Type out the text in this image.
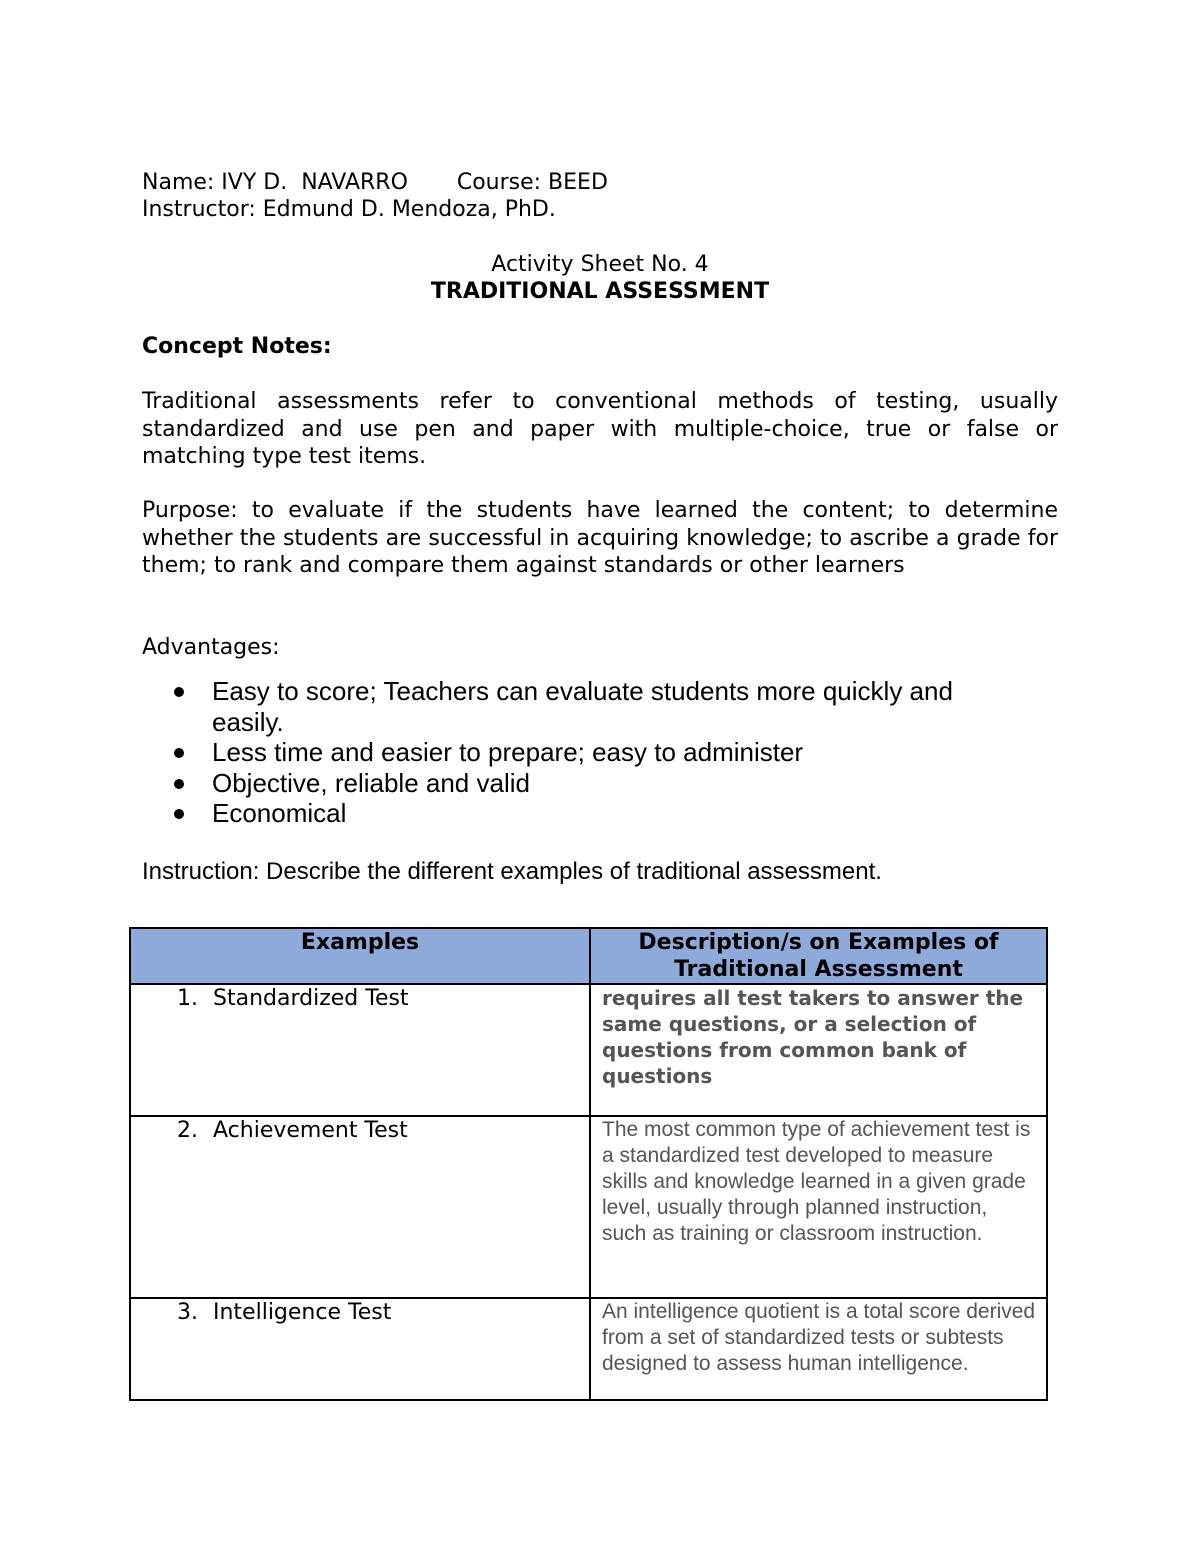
Name: IVY D.  NAVARRO       Course: BEED
Instructor: Edmund D. Mendoza, PhD.
Activity Sheet No. 4
TRADITIONAL ASSESSMENT
Concept Notes:
Traditional assessments refer to conventional methods of testing, usually standardized and use pen and paper with multiple-choice, true or false or matching type test items.
Purpose: to evaluate if the students have learned the content; to determine whether the students are successful in acquiring knowledge; to ascribe a grade for them; to rank and compare them against standards or other learners
Advantages:
Easy to score; Teachers can evaluate students more quickly and easily.
Less time and easier to prepare; easy to administer
Objective, reliable and valid
Economical
Instruction: Describe the different examples of traditional assessment.
Examples	Description/s on Examples of Traditional Assessment
1. Standardized Test	requires all test takers to answer the same questions, or a selection of questions from common bank of questions
2. Achievement Test	The most common type of achievement test is a standardized test developed to measure skills and knowledge learned in a given grade level, usually through planned instruction, such as training or classroom instruction.
3. Intelligence Test	An intelligence quotient is a total score derived from a set of standardized tests or subtests designed to assess human intelligence.
